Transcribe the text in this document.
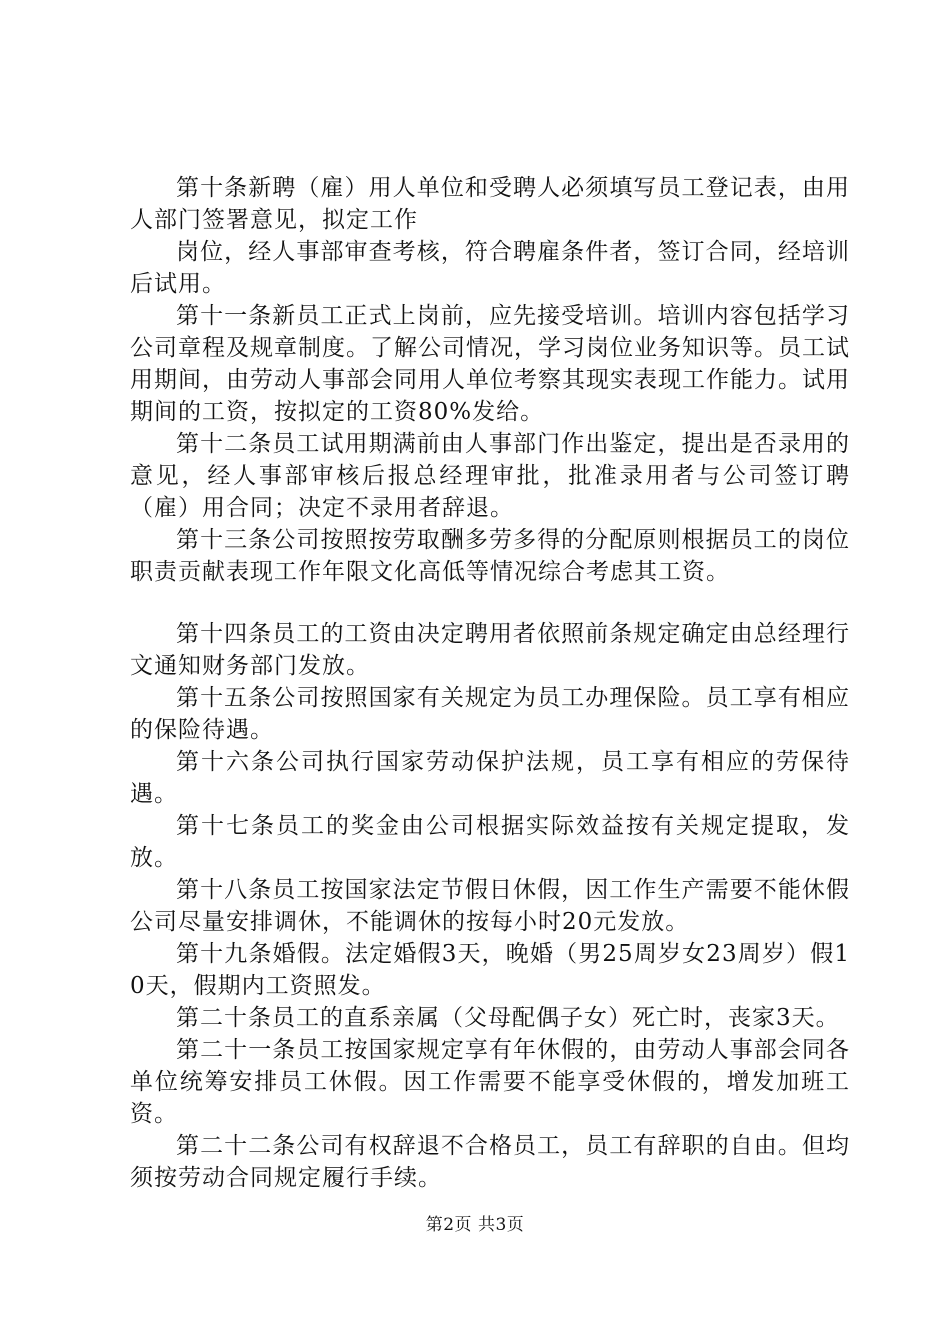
第十条新聘（雇）用人单位和受聘人必须填写员工登记表，由用人部门签署意见，拟定工作

岗位，经人事部审查考核，符合聘雇条件者，签订合同，经培训后试用。

第十一条新员工正式上岗前，应先接受培训。培训内容包括学习公司章程及规章制度。了解公司情况，学习岗位业务知识等。员工试用期间，由劳动人事部会同用人单位考察其现实表现工作能力。试用期间的工资，按拟定的工资80%发给。

第十二条员工试用期满前由人事部门作出鉴定，提出是否录用的意见，经人事部审核后报总经理审批，批准录用者与公司签订聘（雇）用合同；决定不录用者辞退。

第十三条公司按照按劳取酬多劳多得的分配原则根据员工的岗位职责贡献表现工作年限文化高低等情况综合考虑其工资。

第十四条员工的工资由决定聘用者依照前条规定确定由总经理行文通知财务部门发放。

第十五条公司按照国家有关规定为员工办理保险。员工享有相应的保险待遇。

第十六条公司执行国家劳动保护法规，员工享有相应的劳保待遇。

第十七条员工的奖金由公司根据实际效益按有关规定提取，发放。

第十八条员工按国家法定节假日休假，因工作生产需要不能休假公司尽量安排调休，不能调休的按每小时20元发放。

第十九条婚假。法定婚假3天，晚婚（男25周岁女23周岁）假10天，假期内工资照发。

第二十条员工的直系亲属（父母配偶子女）死亡时，丧家3天。

第二十一条员工按国家规定享有年休假的，由劳动人事部会同各单位统筹安排员工休假。因工作需要不能享受休假的，增发加班工资。

第二十二条公司有权辞退不合格员工，员工有辞职的自由。但均须按劳动合同规定履行手续。

第2页 共3页
